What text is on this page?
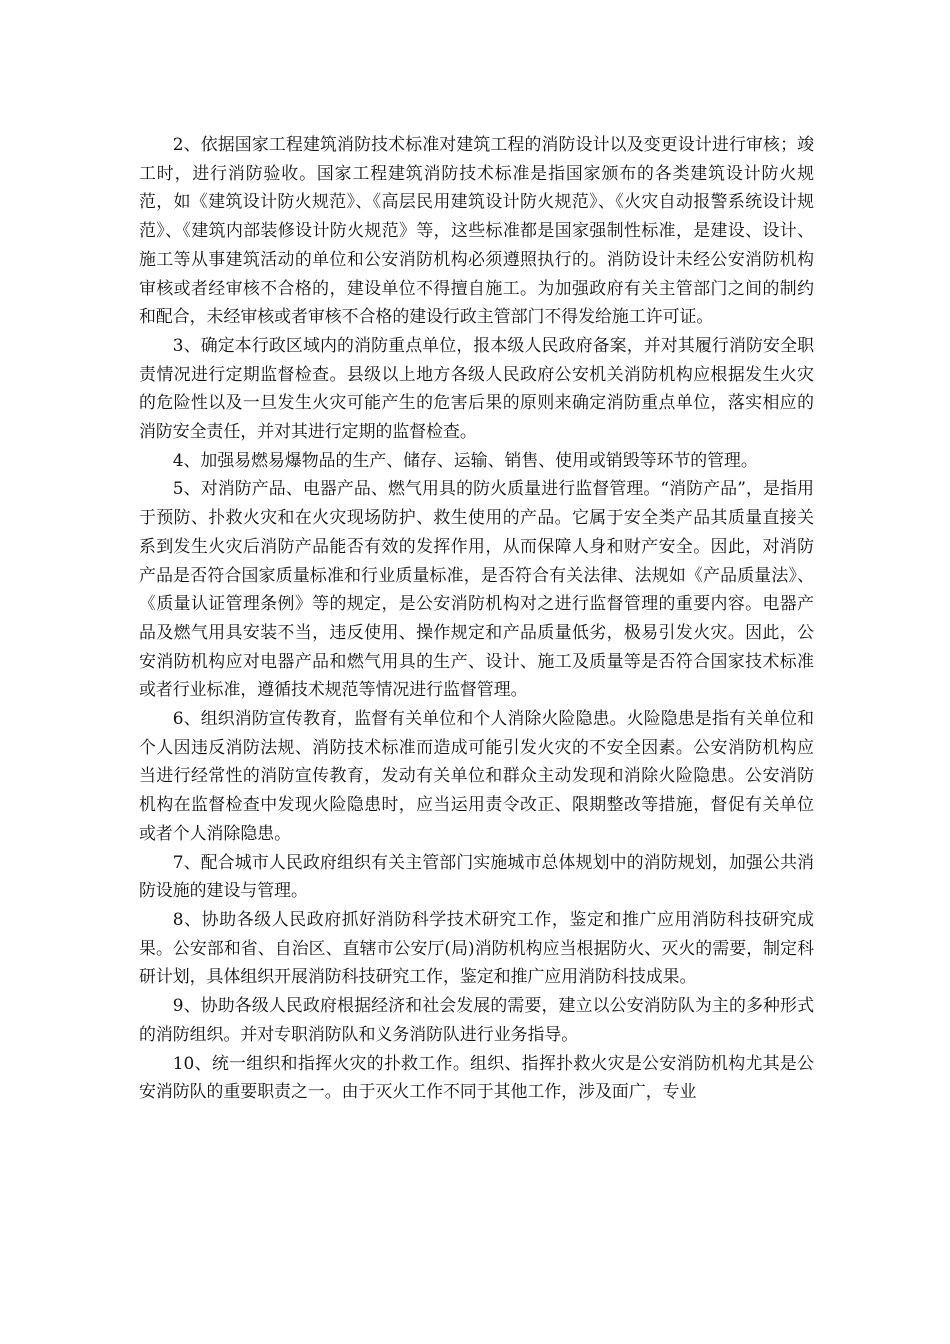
2、依据国家工程建筑消防技术标准对建筑工程的消防设计以及变更设计进行审核；竣工时，进行消防验收。国家工程建筑消防技术标准是指国家颁布的各类建筑设计防火规范，如《建筑设计防火规范》、《高层民用建筑设计防火规范》、《火灾自动报警系统设计规范》、《建筑内部装修设计防火规范》等，这些标准都是国家强制性标准，是建设、设计、施工等从事建筑活动的单位和公安消防机构必须遵照执行的。消防设计未经公安消防机构审核或者经审核不合格的，建设单位不得擅自施工。为加强政府有关主管部门之间的制约和配合，未经审核或者审核不合格的建设行政主管部门不得发给施工许可证。

3、确定本行政区域内的消防重点单位，报本级人民政府备案，并对其履行消防安全职责情况进行定期监督检查。县级以上地方各级人民政府公安机关消防机构应根据发生火灾的危险性以及一旦发生火灾可能产生的危害后果的原则来确定消防重点单位，落实相应的消防安全责任，并对其进行定期的监督检查。

4、加强易燃易爆物品的生产、储存、运输、销售、使用或销毁等环节的管理。

5、对消防产品、电器产品、燃气用具的防火质量进行监督管理。“消防产品”，是指用于预防、扑救火灾和在火灾现场防护、救生使用的产品。它属于安全类产品其质量直接关系到发生火灾后消防产品能否有效的发挥作用，从而保障人身和财产安全。因此，对消防产品是否符合国家质量标准和行业质量标准，是否符合有关法律、法规如《产品质量法》、《质量认证管理条例》等的规定，是公安消防机构对之进行监督管理的重要内容。电器产品及燃气用具安装不当，违反使用、操作规定和产品质量低劣，极易引发火灾。因此，公安消防机构应对电器产品和燃气用具的生产、设计、施工及质量等是否符合国家技术标准或者行业标准，遵循技术规范等情况进行监督管理。

6、组织消防宣传教育，监督有关单位和个人消除火险隐患。火险隐患是指有关单位和个人因违反消防法规、消防技术标准而造成可能引发火灾的不安全因素。公安消防机构应当进行经常性的消防宣传教育，发动有关单位和群众主动发现和消除火险隐患。公安消防机构在监督检查中发现火险隐患时，应当运用责令改正、限期整改等措施，督促有关单位或者个人消除隐患。

7、配合城市人民政府组织有关主管部门实施城市总体规划中的消防规划，加强公共消防设施的建设与管理。

8、协助各级人民政府抓好消防科学技术研究工作，鉴定和推广应用消防科技研究成果。公安部和省、自治区、直辖市公安厅(局)消防机构应当根据防火、灭火的需要，制定科研计划，具体组织开展消防科技研究工作，鉴定和推广应用消防科技成果。

9、协助各级人民政府根据经济和社会发展的需要，建立以公安消防队为主的多种形式的消防组织。并对专职消防队和义务消防队进行业务指导。

10、统一组织和指挥火灾的扑救工作。组织、指挥扑救火灾是公安消防机构尤其是公安消防队的重要职责之一。由于灭火工作不同于其他工作，涉及面广，专业
